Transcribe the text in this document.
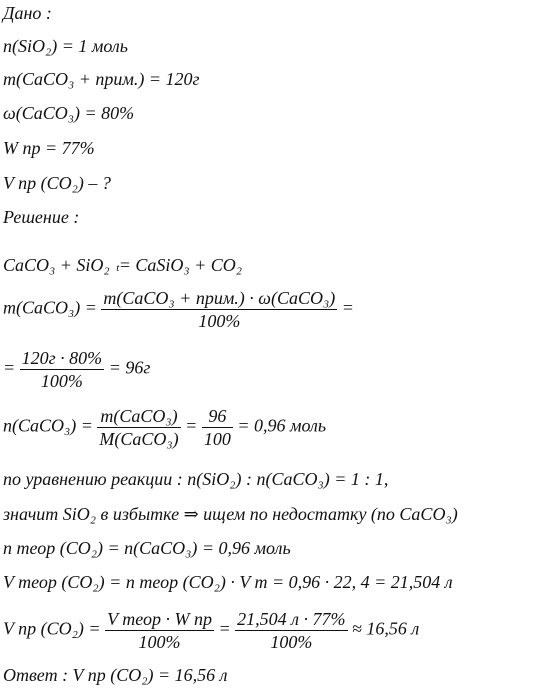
Дано :
n(SiO₂) = 1 моль
m(CaCO₃ + прим.) = 120г
ω(CaCO₃) = 80%
W пр = 77%
V пр (CO₂) – ?
Решение :
CaCO₃ + SiO₂ t = CaSiO₃ + CO₂
m(CaCO₃) = $\frac{\text{m(CaCO₃ + прим.) · ω(CaCO₃)}}{100\%}$ =
= $\frac{120г \cdot 80\%}{100\%} = 96г$
n(CaCO₃) = $\frac{\text{m(CaCO₃)}}{\text{M(CaCO₃)}} = \frac{96}{100} = 0,96$ моль
по уравнению реакции : n(SiO₂) : n(CaCO₃) = 1 : 1,
значит SiO₂ в избытке ⇒ ищем по недостатку (по CaCO₃)
n теор (CO₂) = n(CaCO₃) = 0,96 моль
V теор (CO₂) = n теор (CO₂) · V m = 0,96 · 22, 4 = 21,504 л
V пр $(CO_2) = \frac{\text{V теор · W пр}}{100\%} = \frac{21,504 л \cdot 77\%}{100\%} \approx 16,56$ л
Ответ : V пр (CO₂) = 16,56 л
